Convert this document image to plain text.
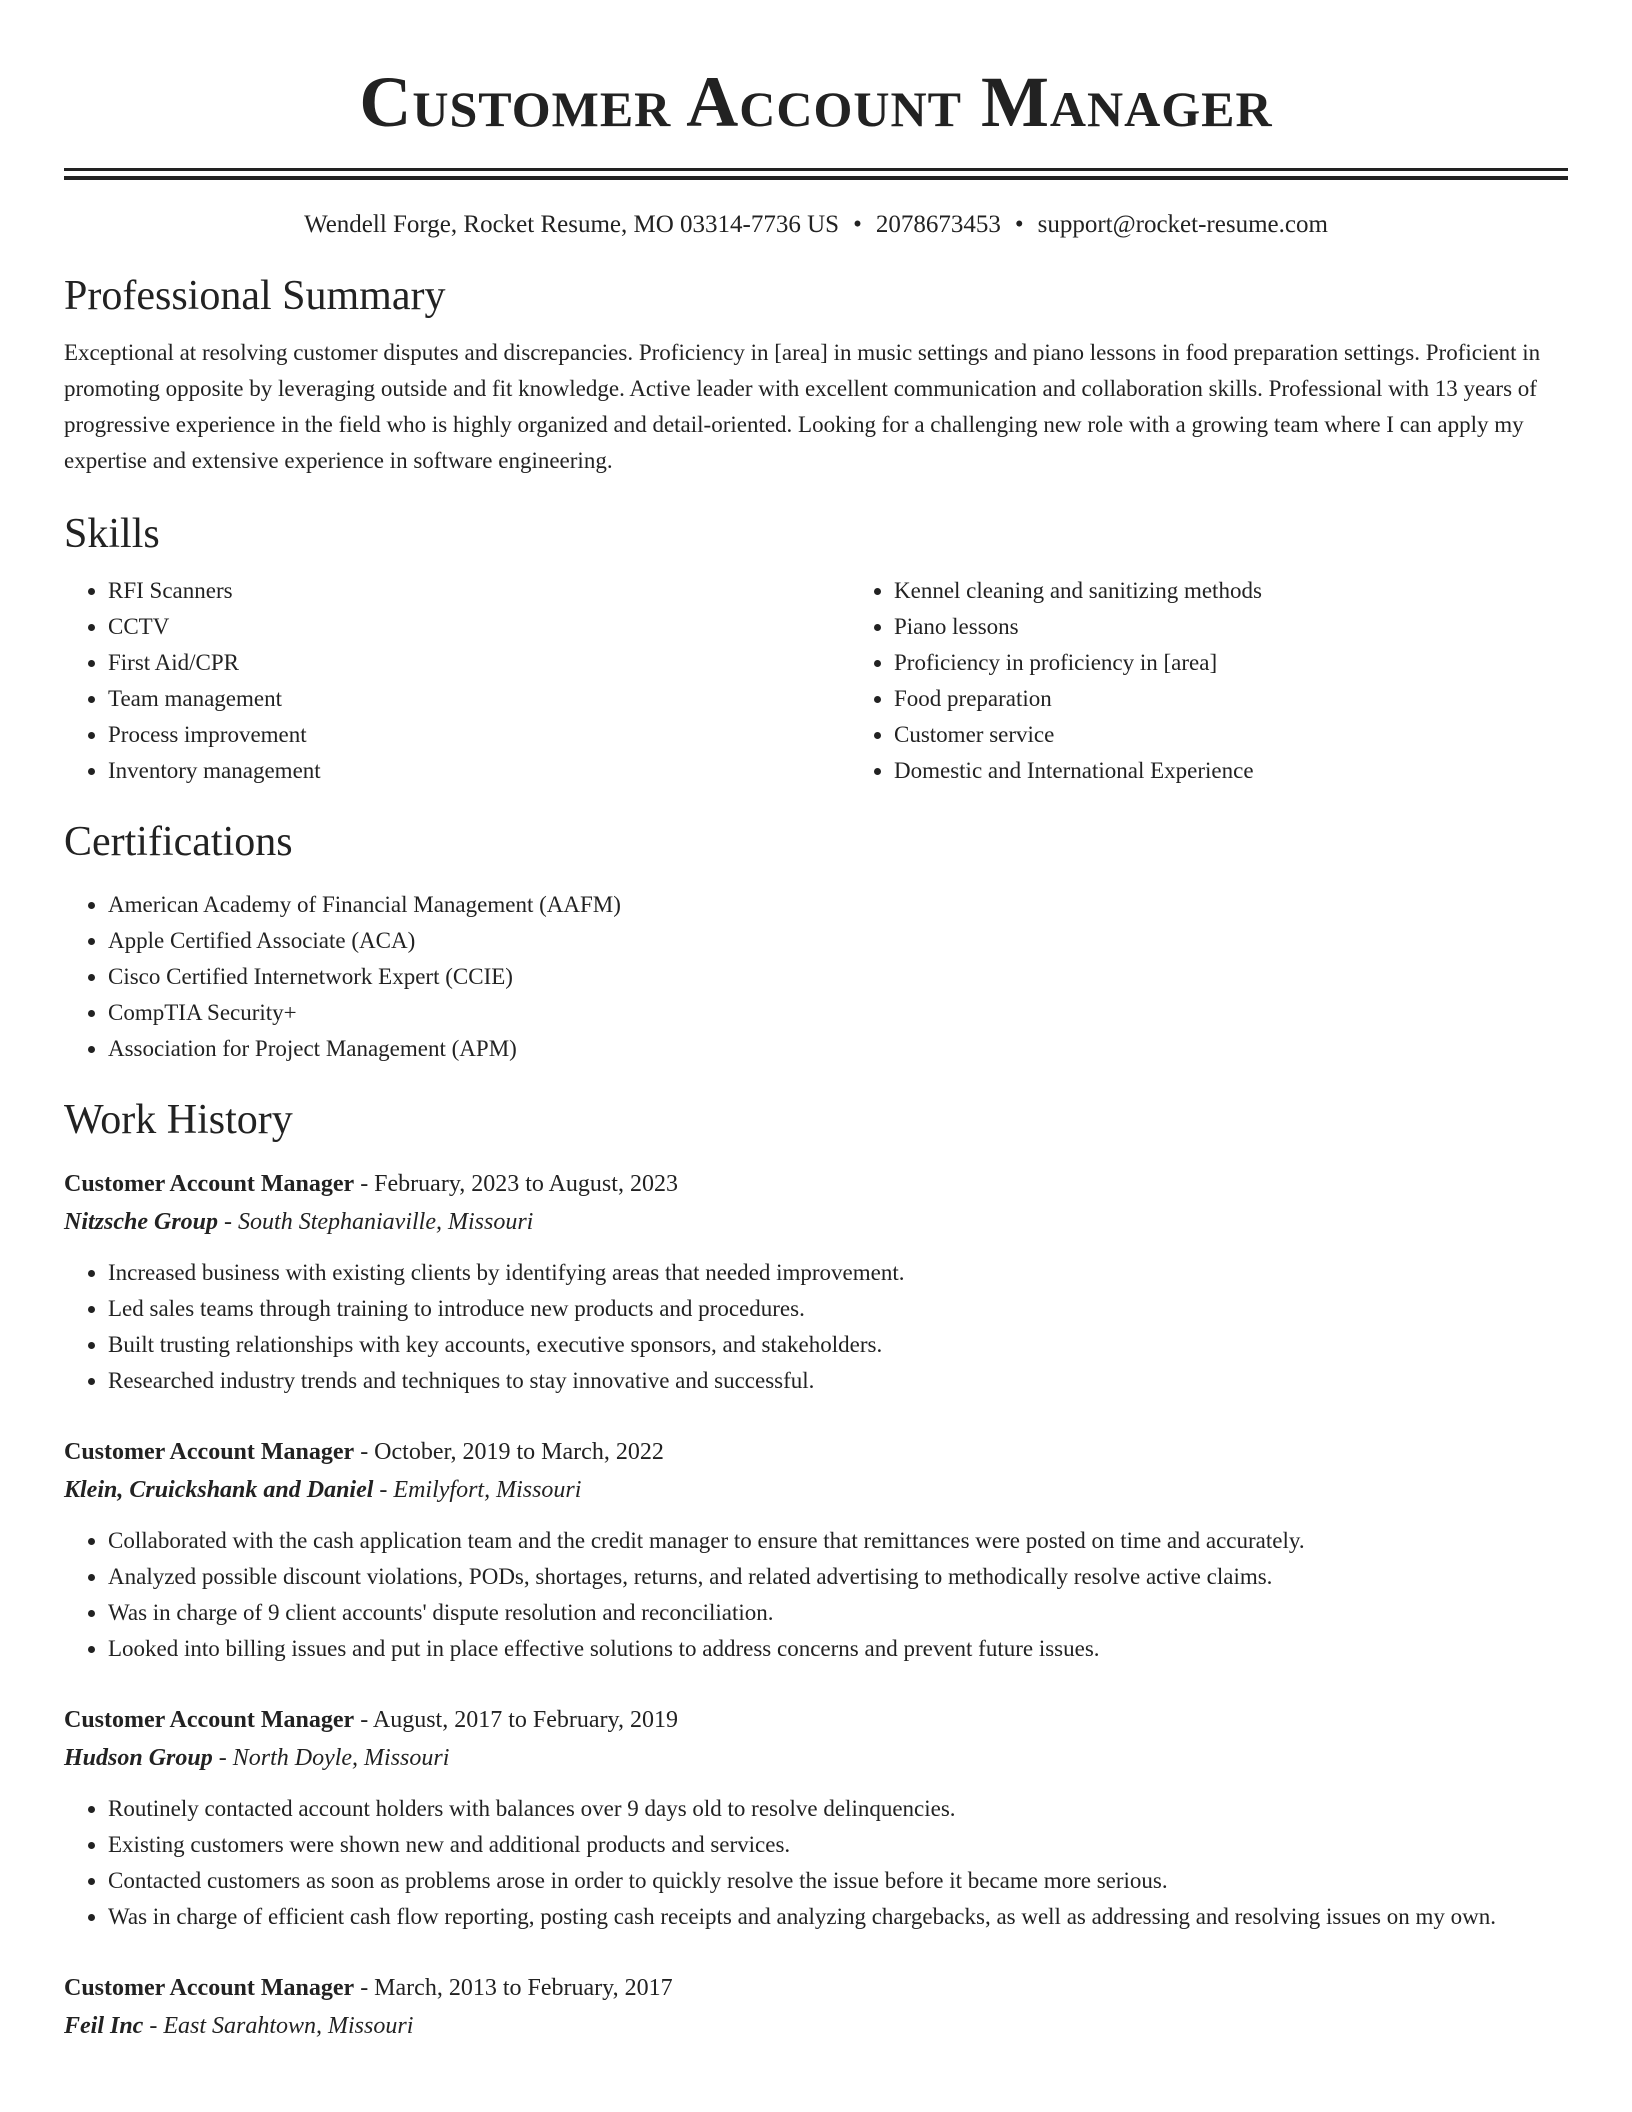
Customer Account Manager
Wendell Forge, Rocket Resume, MO 03314-7736 US • 2078673453 • support@rocket-resume.com
Professional Summary

Exceptional at resolving customer disputes and discrepancies. Proficiency in [area] in music settings and piano lessons in food preparation settings. Proficient in promoting opposite by leveraging outside and fit knowledge. Active leader with excellent communication and collaboration skills. Professional with 13 years of progressive experience in the field who is highly organized and detail-oriented. Looking for a challenging new role with a growing team where I can apply my expertise and extensive experience in software engineering.

Skills
• RFI Scanners
• CCTV
• First Aid/CPR
• Team management
• Process improvement
• Inventory management
• Kennel cleaning and sanitizing methods
• Piano lessons
• Proficiency in proficiency in [area]
• Food preparation
• Customer service
• Domestic and International Experience
Certifications
• American Academy of Financial Management (AAFM)
• Apple Certified Associate (ACA)
• Cisco Certified Internetwork Expert (CCIE)
• CompTIA Security+
• Association for Project Management (APM)
Work History
Customer Account Manager - February, 2023 to August, 2023
Nitzsche Group - South Stephaniaville, Missouri
• Increased business with existing clients by identifying areas that needed improvement.
• Led sales teams through training to introduce new products and procedures.
• Built trusting relationships with key accounts, executive sponsors, and stakeholders.
• Researched industry trends and techniques to stay innovative and successful.
Customer Account Manager - October, 2019 to March, 2022
Klein, Cruickshank and Daniel - Emilyfort, Missouri
• Collaborated with the cash application team and the credit manager to ensure that remittances were posted on time and accurately.
• Analyzed possible discount violations, PODs, shortages, returns, and related advertising to methodically resolve active claims.
• Was in charge of 9 client accounts' dispute resolution and reconciliation.
• Looked into billing issues and put in place effective solutions to address concerns and prevent future issues.
Customer Account Manager - August, 2017 to February, 2019
Hudson Group - North Doyle, Missouri
• Routinely contacted account holders with balances over 9 days old to resolve delinquencies.
• Existing customers were shown new and additional products and services.
• Contacted customers as soon as problems arose in order to quickly resolve the issue before it became more serious.
• Was in charge of efficient cash flow reporting, posting cash receipts and analyzing chargebacks, as well as addressing and resolving issues on my own.
Customer Account Manager - March, 2013 to February, 2017
Feil Inc - East Sarahtown, Missouri
